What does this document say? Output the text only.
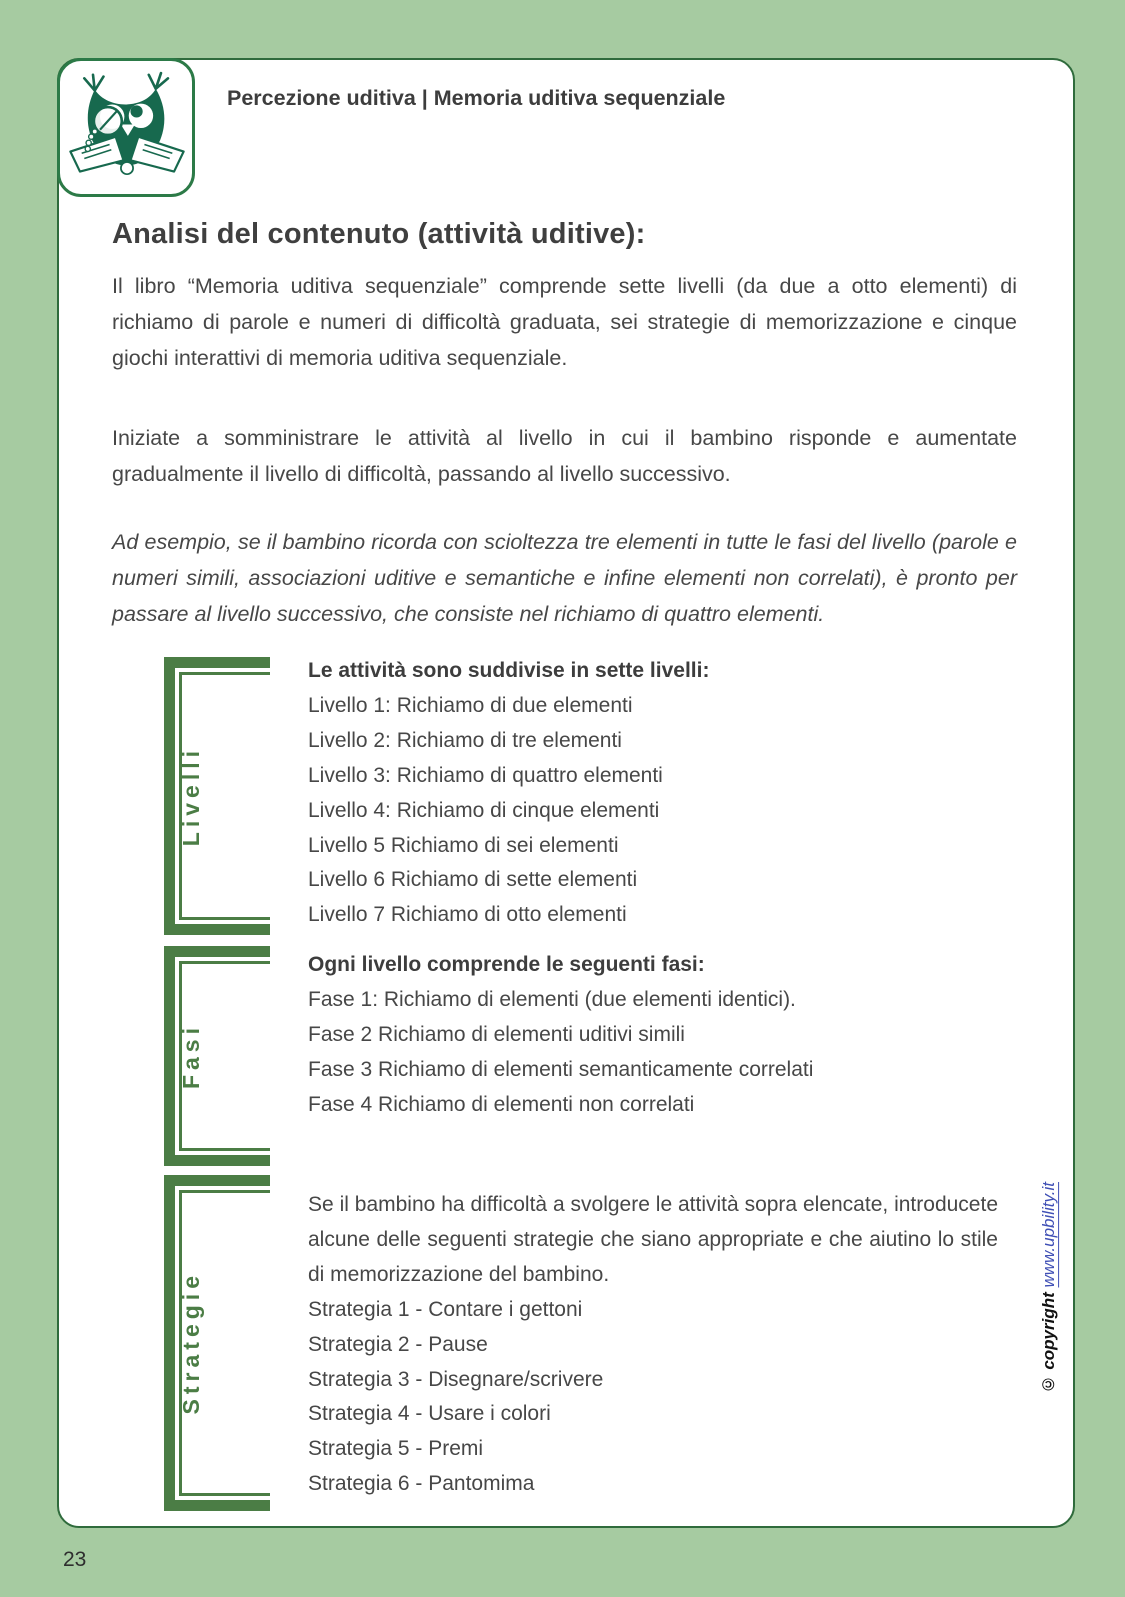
Percezione uditiva | Memoria uditiva sequenziale
Analisi del contenuto (attività uditive):

Il libro “Memoria uditiva sequenziale” comprende sette livelli (da due a otto elementi) di richiamo di parole e numeri di difficoltà graduata, sei strategie di memorizzazione e cinque giochi interattivi di memoria uditiva sequenziale.

Iniziate a somministrare le attività al livello in cui il bambino risponde e aumentate gradualmente il livello di difficoltà, passando al livello successivo.

Ad esempio, se il bambino ricorda con scioltezza tre elementi in tutte le fasi del livello (parole e numeri simili, associazioni uditive e semantiche e infine elementi non correlati), è pronto per passare al livello successivo, che consiste nel richiamo di quattro elementi.

Livelli
Le attività sono suddivise in sette livelli:
Livello 1: Richiamo di due elementi
Livello 2: Richiamo di tre elementi
Livello 3: Richiamo di quattro elementi
Livello 4: Richiamo di cinque elementi
Livello 5 Richiamo di sei elementi
Livello 6 Richiamo di sette elementi
Livello 7 Richiamo di otto elementi
Fasi
Ogni livello comprende le seguenti fasi:
Fase 1: Richiamo di elementi (due elementi identici).
Fase 2 Richiamo di elementi uditivi simili
Fase 3 Richiamo di elementi semanticamente correlati
Fase 4 Richiamo di elementi non correlati
Strategie

Se il bambino ha difficoltà a svolgere le attività sopra elencate, introducete alcune delle seguenti strategie che siano appropriate e che aiutino lo stile di memorizzazione del bambino.

Strategia 1 - Contare i gettoni
Strategia 2 - Pause
Strategia 3 - Disegnare/scrivere
Strategia 4 - Usare i colori
Strategia 5 - Premi
Strategia 6 - Pantomima
© copyright www.upbility.it
23
